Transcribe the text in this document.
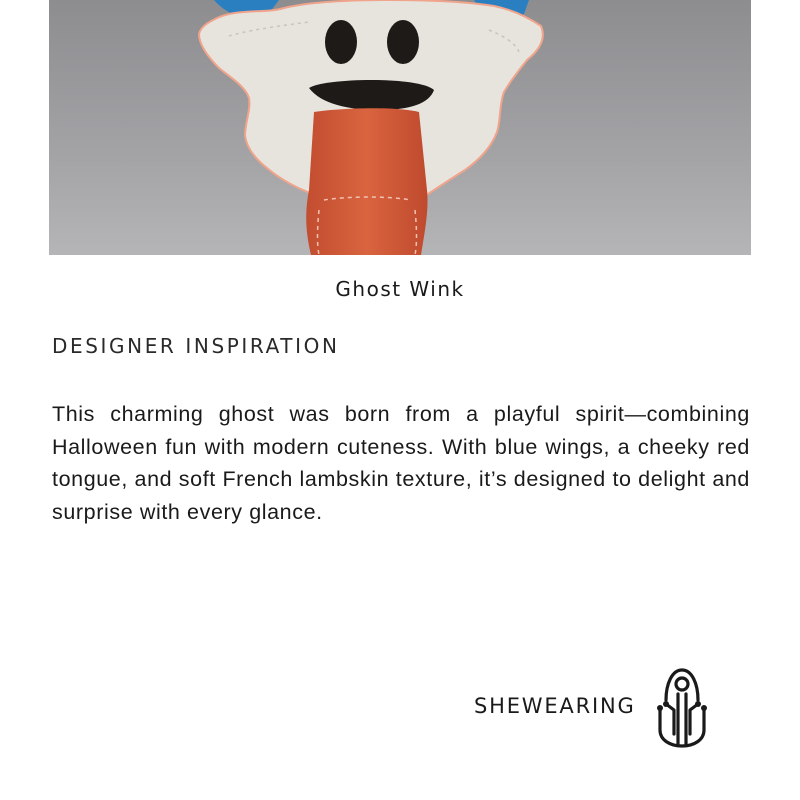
Ghost Wink
DESIGNER INSPIRATION

This charming ghost was born from a playful spirit—combining Halloween fun with modern cuteness. With blue wings, a cheeky red tongue, and soft French lambskin texture, it’s designed to delight and surprise with every glance.

SHEWEARING
